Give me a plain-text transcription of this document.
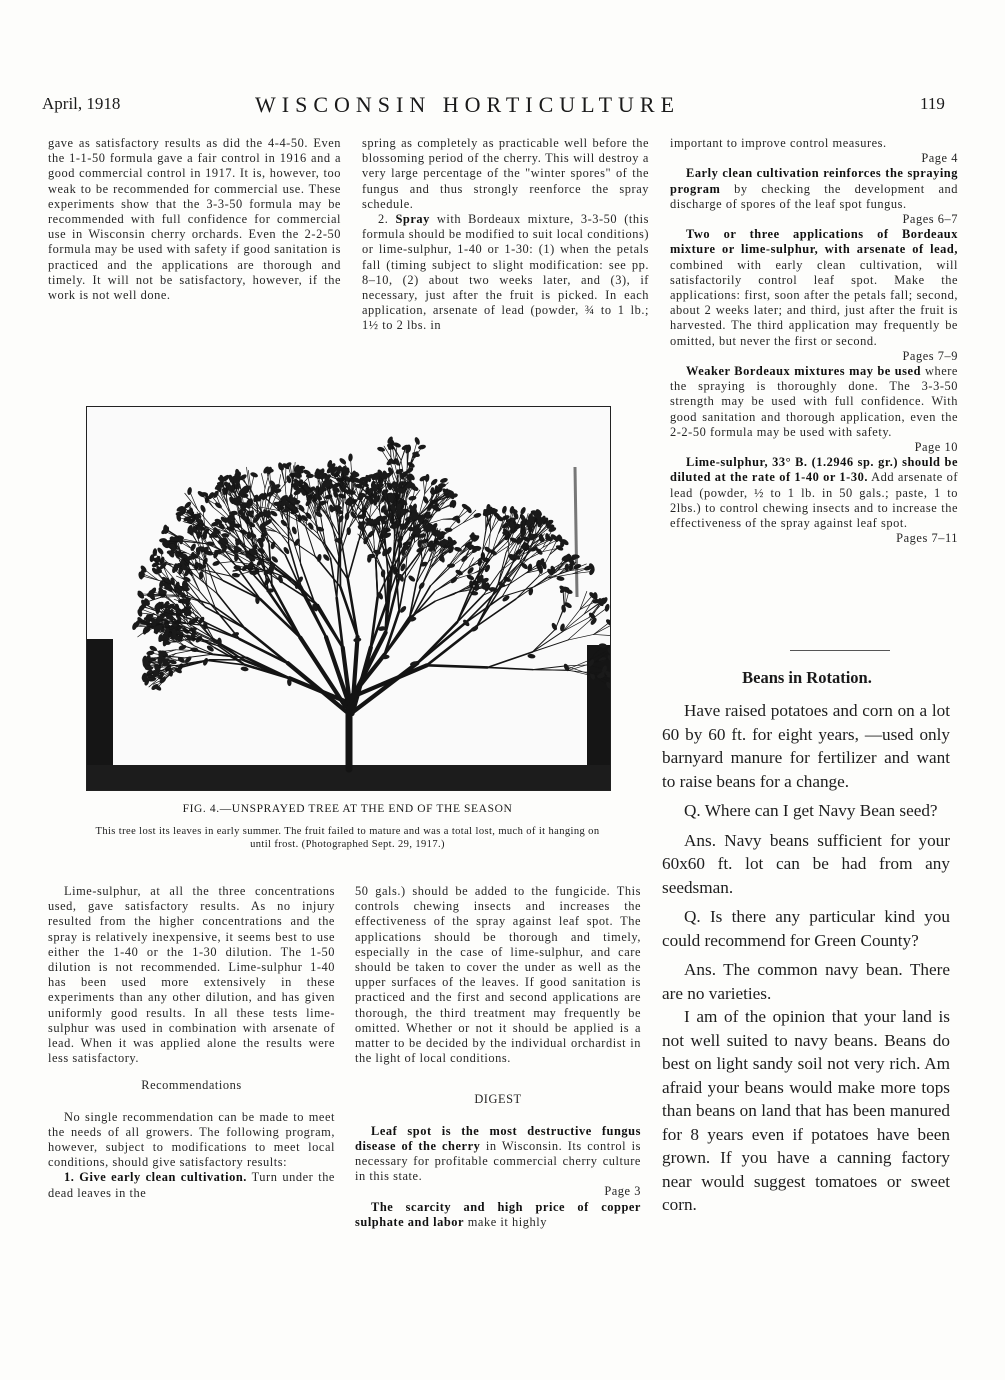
April, 1918	WISCONSIN HORTICULTURE	119

gave as satisfactory results as did the 4-4-50. Even the 1-1-50 formula gave a fair control in 1916 and a good commercial control in 1917. It is, however, too weak to be recommended for commercial use. These experiments show that the 3-3-50 formula may be recommended with full confidence for commercial use in Wisconsin cherry orchards. Even the 2-2-50 formula may be used with safety if good sanitation is practiced and the applications are thorough and timely. It will not be satisfactory, however, if the work is not well done.

spring as completely as practicable well before the blossoming period of the cherry. This will destroy a very large percentage of the "winter spores" of the fungus and thus strongly reenforce the spray schedule.

2. Spray with Bordeaux mixture, 3-3-50 (this formula should be modified to suit local conditions) or lime-sulphur, 1-40 or 1-30: (1) when the petals fall (timing subject to slight modification: see pp. 8–10, (2) about two weeks later, and (3), if necessary, just after the fruit is picked. In each application, arsenate of lead (powder, ¾ to 1 lb.; 1½ to 2 lbs. in

important to improve control measures.

Page 4

Early clean cultivation reinforces the spraying program by checking the development and discharge of spores of the leaf spot fungus.

Pages 6–7

Two or three applications of Bordeaux mixture or lime-sulphur, with arsenate of lead, combined with early clean cultivation, will satisfactorily control leaf spot. Make the applications: first, soon after the petals fall; second, about 2 weeks later; and third, just after the fruit is harvested. The third application may frequently be omitted, but never the first or second.

Pages 7–9

Weaker Bordeaux mixtures may be used where the spraying is thoroughly done. The 3-3-50 strength may be used with full confidence. With good sanitation and thorough application, even the 2-2-50 formula may be used with safety.

Page 10

Lime-sulphur, 33° B. (1.2946 sp. gr.) should be diluted at the rate of 1-40 or 1-30. Add arsenate of lead (powder, ½ to 1 lb. in 50 gals.; paste, 1 to 2lbs.) to control chewing insects and to increase the effectiveness of the spray against leaf spot.

Pages 7–11
FIG. 4.—UNSPRAYED TREE AT THE END OF THE SEASON
This tree lost its leaves in early summer. The fruit failed to mature and was a total lost, much of it hanging on until frost. (Photographed Sept. 29, 1917.)

Lime-sulphur, at all the three concentrations used, gave satisfactory results. As no injury resulted from the higher concentrations and the spray is relatively inexpensive, it seems best to use either the 1-40 or the 1-30 dilution. The 1-50 dilution is not recommended. Lime-sulphur 1-40 has been used more extensively in these experiments than any other dilution, and has given uniformly good results. In all these tests lime-sulphur was used in combination with arsenate of lead. When it was applied alone the results were less satisfactory.

Recommendations

No single recommendation can be made to meet the needs of all growers. The following program, however, subject to modifications to meet local conditions, should give satisfactory results:

1. Give early clean cultivation. Turn under the dead leaves in the

50 gals.) should be added to the fungicide. This controls chewing insects and increases the effectiveness of the spray against leaf spot. The applications should be thorough and timely, especially in the case of lime-sulphur, and care should be taken to cover the under as well as the upper surfaces of the leaves. If good sanitation is practiced and the first and second applications are thorough, the third treatment may frequently be omitted. Whether or not it should be applied is a matter to be decided by the individual orchardist in the light of local conditions.

DIGEST

Leaf spot is the most destructive fungus disease of the cherry in Wisconsin. Its control is necessary for profitable commercial cherry culture in this state.

Page 3

The scarcity and high price of copper sulphate and labor make it highly

Beans in Rotation.

Have raised potatoes and corn on a lot 60 by 60 ft. for eight years, —used only barnyard manure for fertilizer and want to raise beans for a change.

Q. Where can I get Navy Bean seed?

Ans. Navy beans sufficient for your 60x60 ft. lot can be had from any seedsman.

Q. Is there any particular kind you could recommend for Green County?

Ans. The common navy bean. There are no varieties.

I am of the opinion that your land is not well suited to navy beans. Beans do best on light sandy soil not very rich. Am afraid your beans would make more tops than beans on land that has been manured for 8 years even if potatoes have been grown. If you have a canning factory near would suggest tomatoes or sweet corn.
